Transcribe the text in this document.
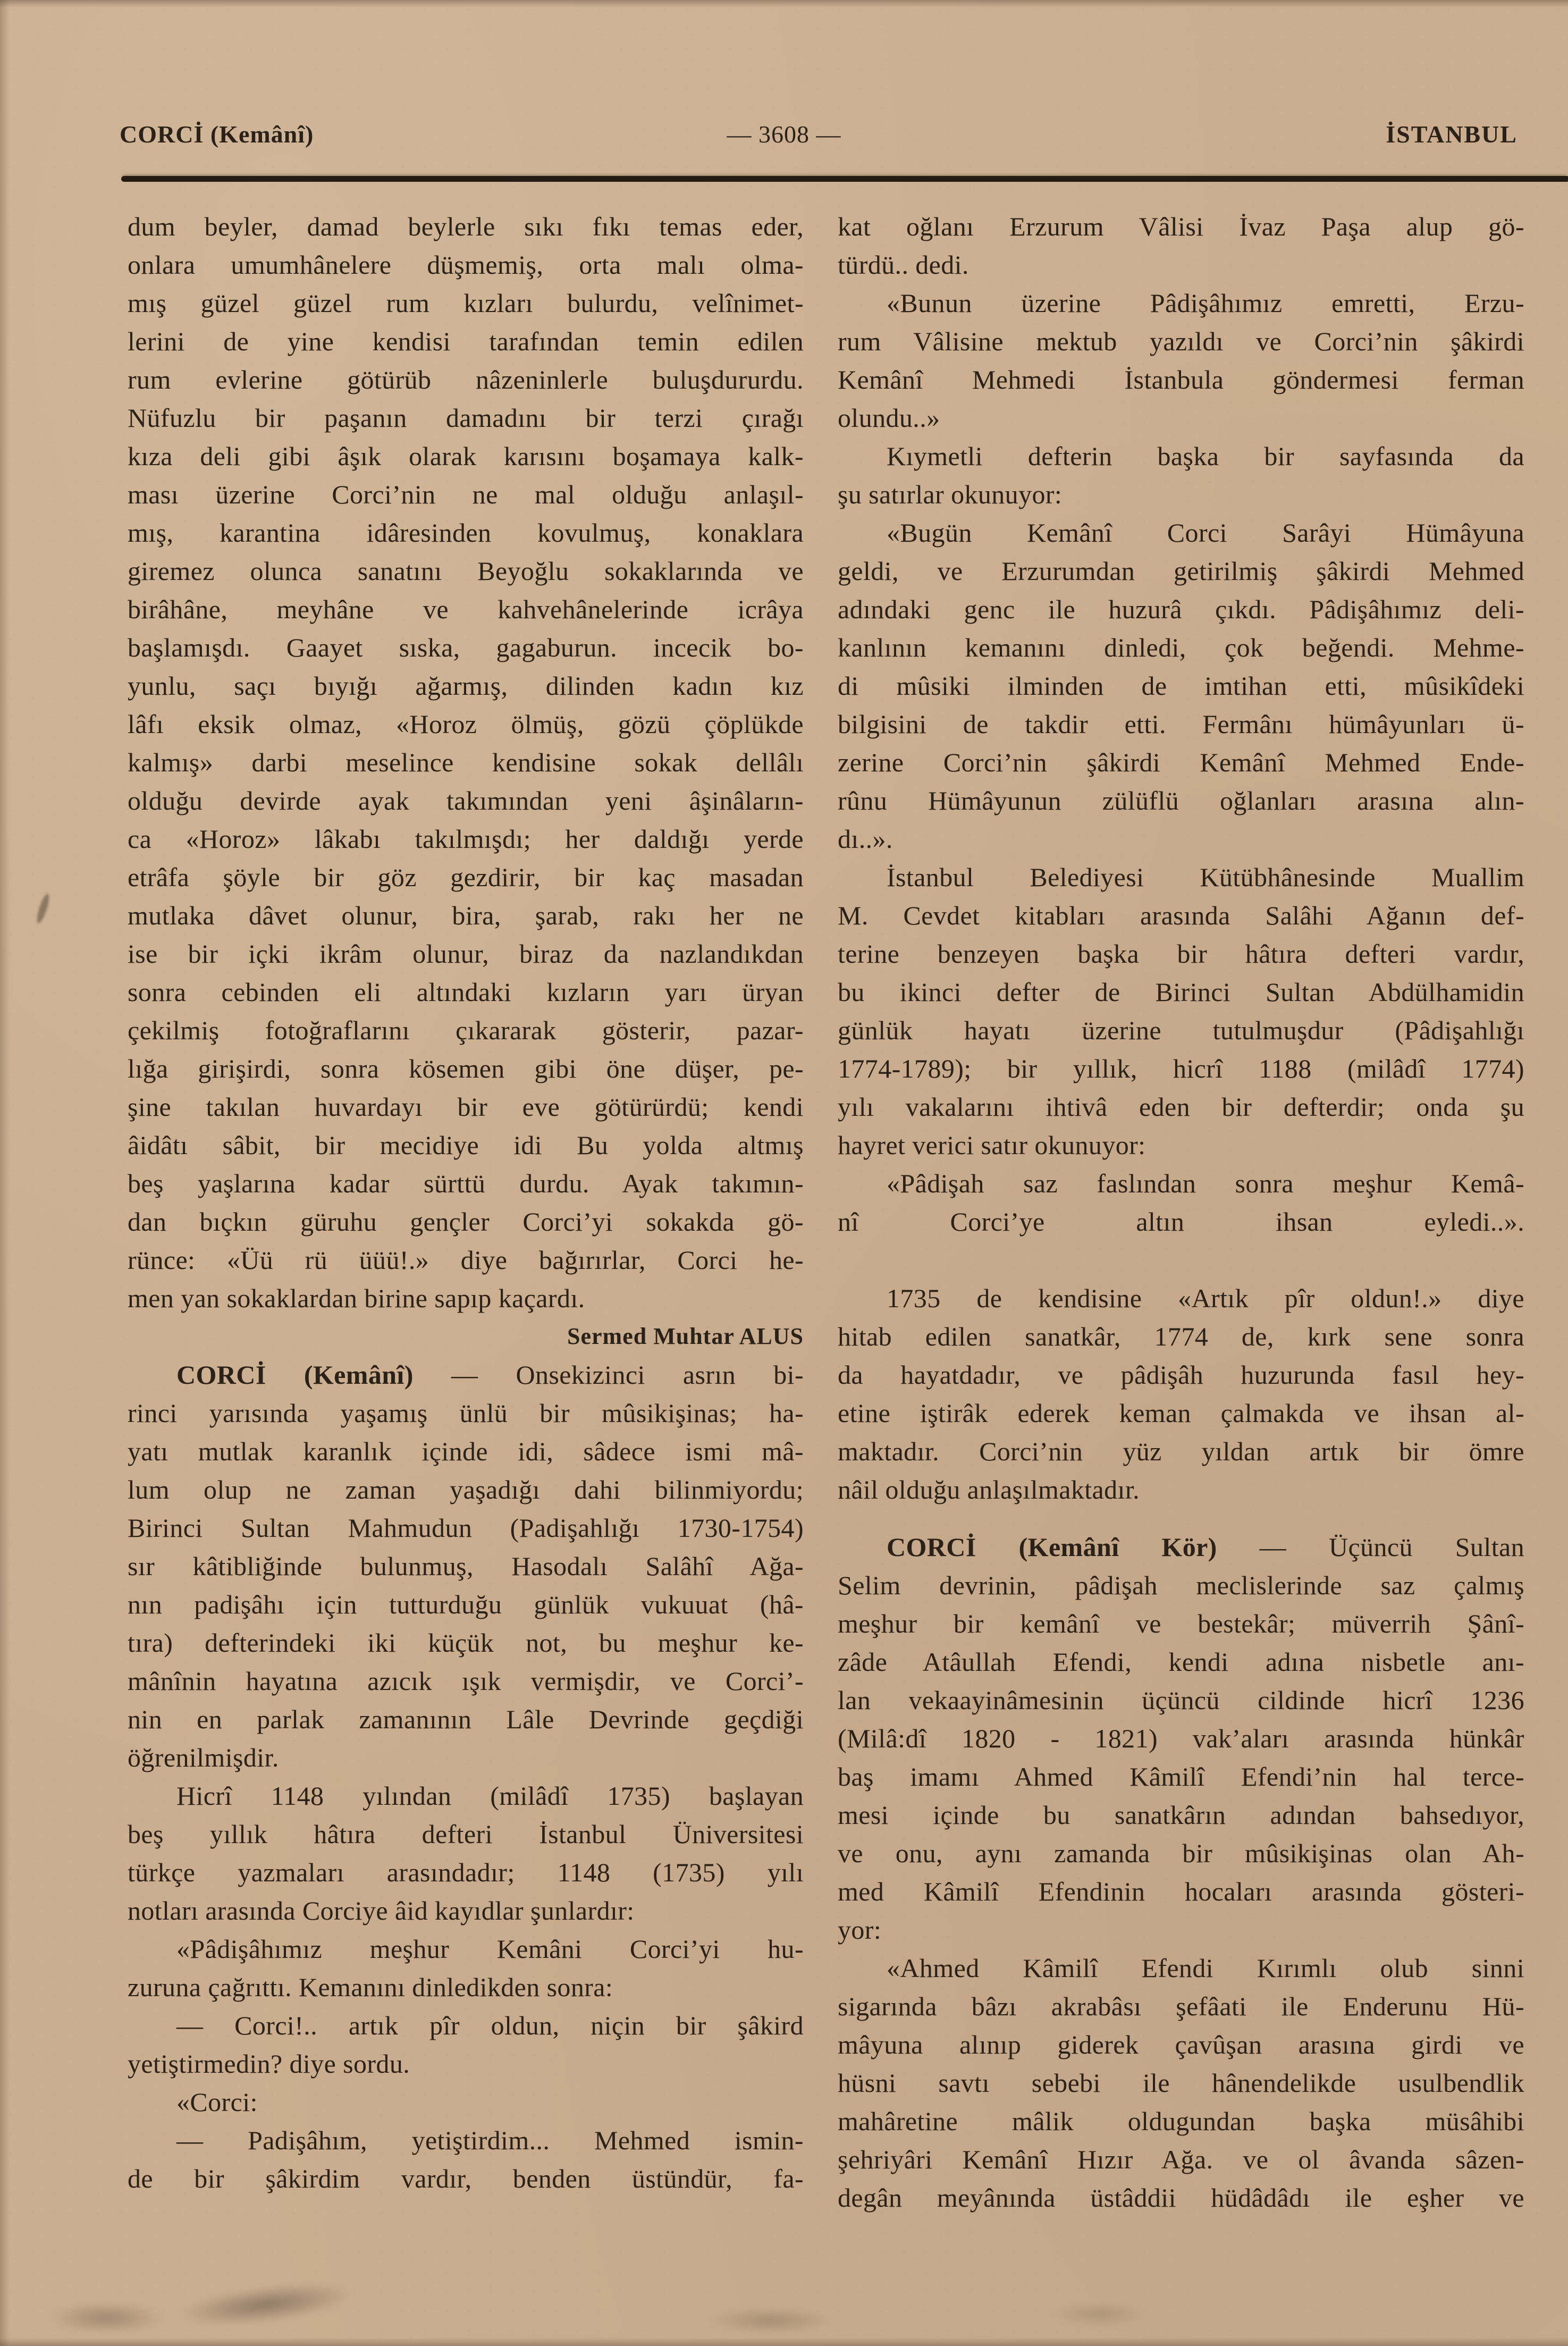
CORCİ (Kemânî)	— 3608 —	İSTANBUL
dum beyler, damad beylerle sıkı fıkı temas eder,
onlara umumhânelere düşmemiş, orta malı olma-
mış güzel güzel rum kızları bulurdu, velînimet-
lerini de yine kendisi tarafından temin edilen
rum evlerine götürüb nâzeninlerle buluşdururdu.
Nüfuzlu bir paşanın damadını bir terzi çırağı
kıza deli gibi âşık olarak karısını boşamaya kalk-
ması üzerine Corci’nin ne mal olduğu anlaşıl-
mış, karantina idâresinden kovulmuş, konaklara
giremez olunca sanatını Beyoğlu sokaklarında ve
birâhâne, meyhâne ve kahvehânelerinde icrâya
başlamışdı. Gaayet sıska, gagaburun. incecik bo-
yunlu, saçı bıyığı ağarmış, dilinden kadın kız
lâfı eksik olmaz, «Horoz ölmüş, gözü çöplükde
kalmış» darbi meselince kendisine sokak dellâlı
olduğu devirde ayak takımından yeni âşinâların-
ca «Horoz» lâkabı takılmışdı; her daldığı yerde
etrâfa şöyle bir göz gezdirir, bir kaç masadan
mutlaka dâvet olunur, bira, şarab, rakı her ne
ise bir içki ikrâm olunur, biraz da nazlandıkdan
sonra cebinden eli altındaki kızların yarı üryan
çekilmiş fotoğraflarını çıkararak gösterir, pazar-
lığa girişirdi, sonra kösemen gibi öne düşer, pe-
şine takılan huvardayı bir eve götürürdü; kendi
âidâtı sâbit, bir mecidiye idi Bu yolda altmış
beş yaşlarına kadar sürttü durdu. Ayak takımın-
dan bıçkın güruhu gençler Corci’yi sokakda gö-
rünce: «Üü rü üüü!.» diye bağırırlar, Corci he-
men yan sokaklardan birine sapıp kaçardı.
Sermed Muhtar ALUS
CORCİ (Kemânî) — Onsekizinci asrın bi-
rinci yarısında yaşamış ünlü bir mûsikişinas; ha-
yatı mutlak karanlık içinde idi, sâdece ismi mâ-
lum olup ne zaman yaşadığı dahi bilinmiyordu;
Birinci Sultan Mahmudun (Padişahlığı 1730-1754)
sır kâtibliğinde bulunmuş, Hasodalı Salâhî Ağa-
nın padişâhı için tutturduğu günlük vukuuat (hâ-
tıra) defterindeki iki küçük not, bu meşhur ke-
mânînin hayatına azıcık ışık vermişdir, ve Corci’-
nin en parlak zamanının Lâle Devrinde geçdiği
öğrenilmişdir.
Hicrî 1148 yılından (milâdî 1735) başlayan
beş yıllık hâtıra defteri İstanbul Üniversitesi
türkçe yazmaları arasındadır; 1148 (1735) yılı
notları arasında Corciye âid kayıdlar şunlardır:
«Pâdişâhımız meşhur Kemâni Corci’yi hu-
zuruna çağrıttı. Kemanını dinledikden sonra:
— Corci!.. artık pîr oldun, niçin bir şâkird
yetiştirmedin? diye sordu.
«Corci:
— Padişâhım, yetiştirdim... Mehmed ismin-
de bir şâkirdim vardır, benden üstündür, fa-
kat oğlanı Erzurum Vâlisi İvaz Paşa alup gö-
türdü.. dedi.
«Bunun üzerine Pâdişâhımız emretti, Erzu-
rum Vâlisine mektub yazıldı ve Corci’nin şâkirdi
Kemânî Mehmedi İstanbula göndermesi ferman
olundu..»
Kıymetli defterin başka bir sayfasında da
şu satırlar okunuyor:
«Bugün Kemânî Corci Sarâyi Hümâyuna
geldi, ve Erzurumdan getirilmiş şâkirdi Mehmed
adındaki genc ile huzurâ çıkdı. Pâdişâhımız deli-
kanlının kemanını dinledi, çok beğendi. Mehme-
di mûsiki ilminden de imtihan etti, mûsikîdeki
bilgisini de takdir etti. Fermânı hümâyunları ü-
zerine Corci’nin şâkirdi Kemânî Mehmed Ende-
rûnu Hümâyunun zülüflü oğlanları arasına alın-
dı..».
İstanbul Belediyesi Kütübhânesinde Muallim
M. Cevdet kitabları arasında Salâhi Ağanın def-
terine benzeyen başka bir hâtıra defteri vardır,
bu ikinci defter de Birinci Sultan Abdülhamidin
günlük hayatı üzerine tutulmuşdur (Pâdişahlığı
1774-1789); bir yıllık, hicrî 1188 (milâdî 1774)
yılı vakalarını ihtivâ eden bir defterdir; onda şu
hayret verici satır okunuyor:
«Pâdişah saz faslından sonra meşhur Kemâ-
nî Corci’ye altın ihsan eyledi..».
1735 de kendisine «Artık pîr oldun!.» diye
hitab edilen sanatkâr, 1774 de, kırk sene sonra
da hayatdadır, ve pâdişâh huzurunda fasıl hey-
etine iştirâk ederek keman çalmakda ve ihsan al-
maktadır. Corci’nin yüz yıldan artık bir ömre
nâil olduğu anlaşılmaktadır.
CORCİ (Kemânî Kör) — Üçüncü Sultan
Selim devrinin, pâdişah meclislerinde saz çalmış
meşhur bir kemânî ve bestekâr; müverrih Şânî-
zâde Atâullah Efendi, kendi adına nisbetle anı-
lan vekaayinâmesinin üçüncü cildinde hicrî 1236
(Milâ:dî 1820 - 1821) vak’aları arasında hünkâr
baş imamı Ahmed Kâmilî Efendi’nin hal terce-
mesi içinde bu sanatkârın adından bahsedıyor,
ve onu, aynı zamanda bir mûsikişinas olan Ah-
med Kâmilî Efendinin hocaları arasında gösteri-
yor:
«Ahmed Kâmilî Efendi Kırımlı olub sinni
sigarında bâzı akrabâsı şefâati ile Enderunu Hü-
mâyuna alınıp giderek çavûşan arasına girdi ve
hüsni savtı sebebi ile hânendelikde usulbendlik
mahâretine mâlik oldugundan başka müsâhibi
şehriyâri Kemânî Hızır Ağa. ve ol âvanda sâzen-
degân meyânında üstâddii hüdâdâdı ile eşher ve
